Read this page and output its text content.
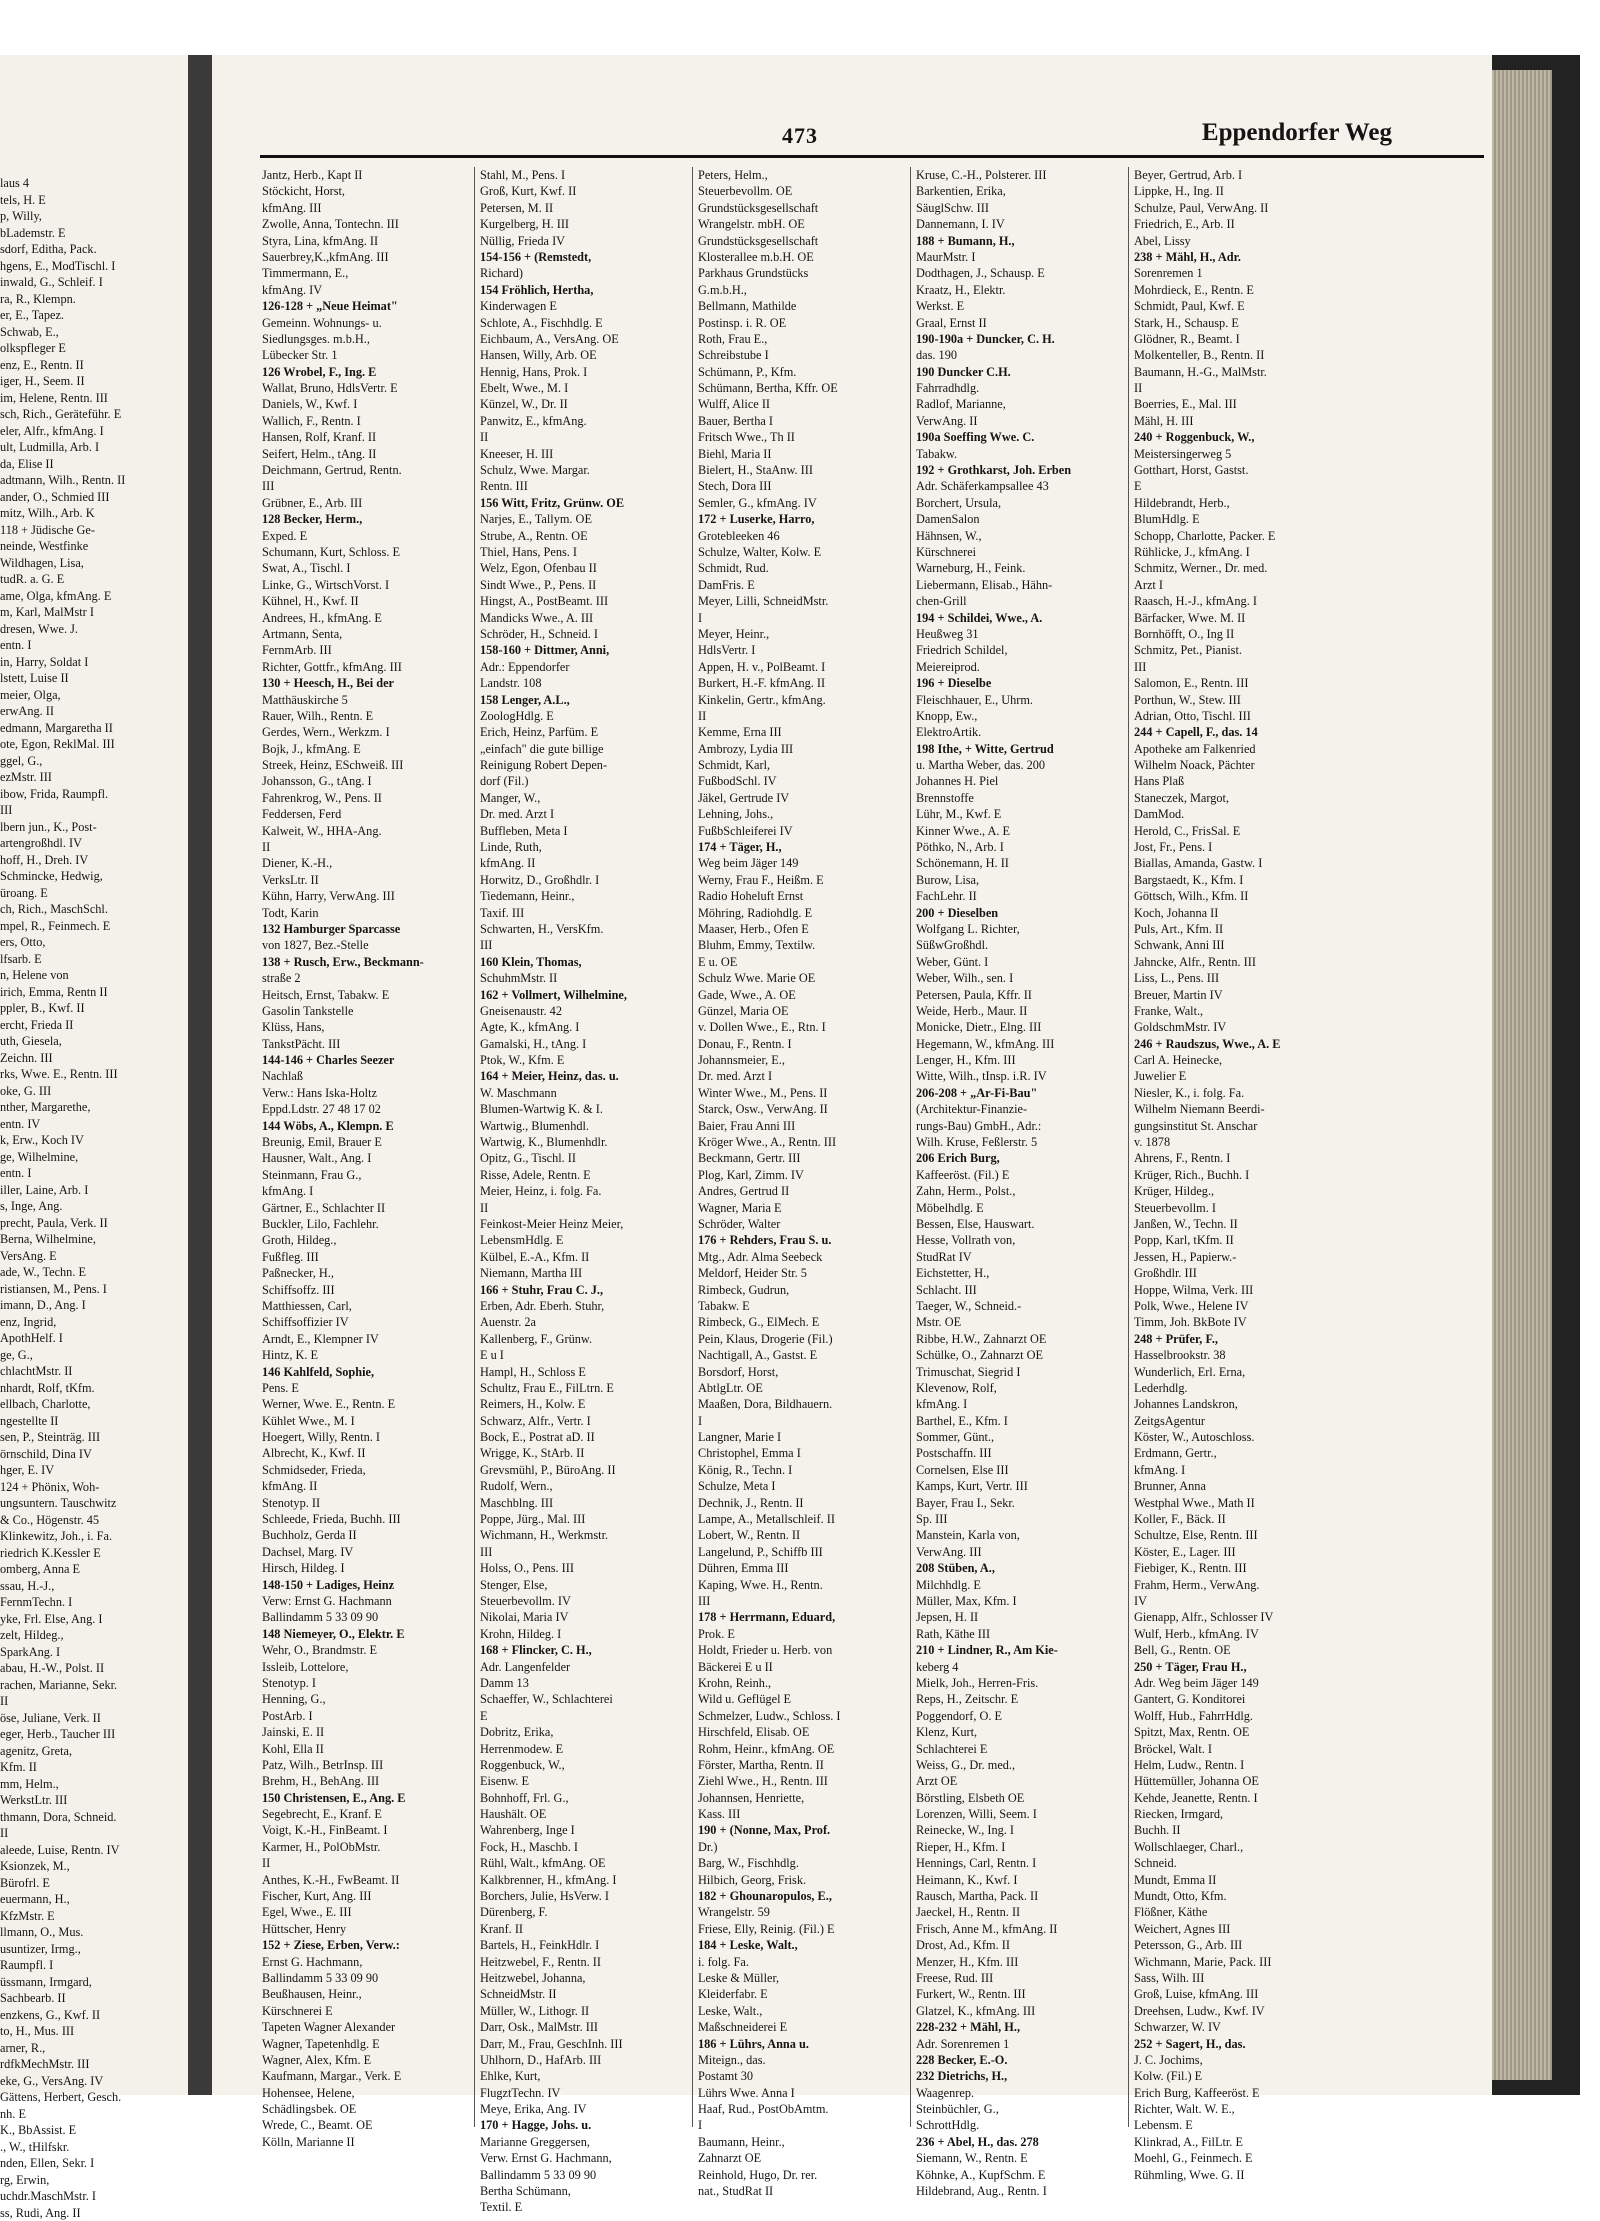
laus 4
tels, H. E
p, Willy,
bLademstr. E
sdorf, Editha, Pack.
hgens, E., ModTischl. I
inwald, G., Schleif. I
ra, R., Klempn.
er, E., Tapez.
Schwab, E.,
olkspfleger E
enz, E., Rentn. II
iger, H., Seem. II
im, Helene, Rentn. III
sch, Rich., Geräteführ. E
eler, Alfr., kfmAng. I
ult, Ludmilla, Arb. I
da, Elise II
adtmann, Wilh., Rentn. II
ander, O., Schmied III
mitz, Wilh., Arb. K
118 + Jüdische Ge-
neinde, Westfinke
Wildhagen, Lisa,
tudR. a. G. E
ame, Olga, kfmAng. E
m, Karl, MalMstr I
dresen, Wwe. J.
entn. I
in, Harry, Soldat I
lstett, Luise II
meier, Olga,
erwAng. II
edmann, Margaretha II
ote, Egon, ReklMal. III
ggel, G.,
ezMstr. III
ibow, Frida, Raumpfl.
III
lbern jun., K., Post-
artengroßhdl. IV
hoff, H., Dreh. IV
Schmincke, Hedwig,
üroang. E
ch, Rich., MaschSchl.
mpel, R., Feinmech. E
ers, Otto,
lfsarb. E
n, Helene von
irich, Emma, Rentn II
ppler, B., Kwf. II
ercht, Frieda II
uth, Giesela,
Zeichn. III
rks, Wwe. E., Rentn. III
oke, G. III
nther, Margarethe,
entn. IV
k, Erw., Koch IV
ge, Wilhelmine,
entn. I
iller, Laine, Arb. I
s, Inge, Ang.
precht, Paula, Verk. II
Berna, Wilhelmine,
VersAng. E
ade, W., Techn. E
ristiansen, M., Pens. I
imann, D., Ang. I
enz, Ingrid,
ApothHelf. I
ge, G.,
chlachtMstr. II
nhardt, Rolf, tKfm.
ellbach, Charlotte,
ngestellte II
sen, P., Steinträg. III
örnschild, Dina IV
hger, E. IV
124 + Phönix, Woh-
ungsuntern. Tauschwitz
& Co., Högenstr. 45
Klinkewitz, Joh., i. Fa.
riedrich K.Kessler E
omberg, Anna E
ssau, H.-J.,
FernmTechn. I
yke, Frl. Else, Ang. I
zelt, Hildeg.,
SparkAng. I
abau, H.-W., Polst. II
rachen, Marianne, Sekr.
II
öse, Juliane, Verk. II
eger, Herb., Taucher III
agenitz, Greta,
Kfm. II
mm, Helm.,
WerkstLtr. III
thmann, Dora, Schneid.
II
aleede, Luise, Rentn. IV
Ksionzek, M.,
Bürofrl. E
euermann, H.,
KfzMstr. E
llmann, O., Mus.
usuntizer, Irmg.,
Raumpfl. I
üssmann, Irmgard,
Sachbearb. II
enzkens, G., Kwf. II
to, H., Mus. III
arner, R.,
rdfkMechMstr. III
eke, G., VersAng. IV
Gättens, Herbert, Gesch.
nh. E
K., BbAssist. E
., W., tHilfskr.
nden, Ellen, Sekr. I
rg, Erwin,
uchdr.MaschMstr. I
ss, Rudi, Ang. II
473	Eppendorfer Weg
Jantz, Herb., Kapt II
Stöckicht, Horst,
kfmAng. III
Zwolle, Anna, Tontechn. III
Styra, Lina, kfmAng. II
Sauerbrey,K.,kfmAng. III
Timmermann, E.,
kfmAng. IV
126-128 + „Neue Heimat"
Gemeinn. Wohnungs- u.
Siedlungsges. m.b.H.,
Lübecker Str. 1
126 Wrobel, F., Ing. E
Wallat, Bruno, HdlsVertr. E
Daniels, W., Kwf. I
Wallich, F., Rentn. I
Hansen, Rolf, Kranf. II
Seifert, Helm., tAng. II
Deichmann, Gertrud, Rentn.
III
Grübner, E., Arb. III
128 Becker, Herm.,
Exped. E
Schumann, Kurt, Schloss. E
Swat, A., Tischl. I
Linke, G., WirtschVorst. I
Kühnel, H., Kwf. II
Andrees, H., kfmAng. E
Artmann, Senta,
FernmArb. III
Richter, Gottfr., kfmAng. III
130 + Heesch, H., Bei der
Matthäuskirche 5
Rauer, Wilh., Rentn. E
Gerdes, Wern., Werkzm. I
Bojk, J., kfmAng. E
Streek, Heinz, ESchweiß. III
Johansson, G., tAng. I
Fahrenkrog, W., Pens. II
Feddersen, Ferd
Kalweit, W., HHA-Ang.
II
Diener, K.-H.,
VerksLtr. II
Kühn, Harry, VerwAng. III
Todt, Karin
132 Hamburger Sparcasse
von 1827, Bez.-Stelle
138 + Rusch, Erw., Beckmann-
straße 2
Heitsch, Ernst, Tabakw. E
Gasolin Tankstelle
Klüss, Hans,
TankstPächt. III
144-146 + Charles Seezer
Nachlaß
Verw.: Hans Iska-Holtz
Eppd.Ldstr. 27 48 17 02
144 Wöbs, A., Klempn. E
Breunig, Emil, Brauer E
Hausner, Walt., Ang. I
Steinmann, Frau G.,
kfmAng. I
Gärtner, E., Schlachter II
Buckler, Lilo, Fachlehr.
Groth, Hildeg.,
Fußfleg. III
Paßnecker, H.,
Schiffsoffz. III
Matthiessen, Carl,
Schiffsoffizier IV
Arndt, E., Klempner IV
Hintz, K. E
146 Kahlfeld, Sophie,
Pens. E
Werner, Wwe. E., Rentn. E
Kühlet Wwe., M. I
Hoegert, Willy, Rentn. I
Albrecht, K., Kwf. II
Schmidseder, Frieda,
kfmAng. II
Stenotyp. II
Schleede, Frieda, Buchh. III
Buchholz, Gerda II
Dachsel, Marg. IV
Hirsch, Hildeg. I
148-150 + Ladiges, Heinz
Verw: Ernst G. Hachmann
Ballindamm 5 33 09 90
148 Niemeyer, O., Elektr. E
Wehr, O., Brandmstr. E
Issleib, Lottelore,
Stenotyp. I
Henning, G.,
PostArb. I
Jainski, E. II
Kohl, Ella II
Patz, Wilh., BetrInsp. III
Brehm, H., BehAng. III
150 Christensen, E., Ang. E
Segebrecht, E., Kranf. E
Voigt, K.-H., FinBeamt. I
Karmer, H., PolObMstr.
II
Anthes, K.-H., FwBeamt. II
Fischer, Kurt, Ang. III
Egel, Wwe., E. III
Hüttscher, Henry
152 + Ziese, Erben, Verw.:
Ernst G. Hachmann,
Ballindamm 5 33 09 90
Beußhausen, Heinr.,
Kürschnerei E
Tapeten Wagner Alexander
Wagner, Tapetenhdlg. E
Wagner, Alex, Kfm. E
Kaufmann, Margar., Verk. E
Hohensee, Helene,
Schädlingsbek. OE
Wrede, C., Beamt. OE
Kölln, Marianne II
Stahl, M., Pens. I
Groß, Kurt, Kwf. II
Petersen, M. II
Kurgelberg, H. III
Nüllig, Frieda IV
154-156 + (Remstedt,
Richard)
154 Fröhlich, Hertha,
Kinderwagen E
Schlote, A., Fischhdlg. E
Eichbaum, A., VersAng. OE
Hansen, Willy, Arb. OE
Hennig, Hans, Prok. I
Ebelt, Wwe., M. I
Künzel, W., Dr. II
Panwitz, E., kfmAng.
II
Kneeser, H. III
Schulz, Wwe. Margar.
Rentn. III
156 Witt, Fritz, Grünw. OE
Narjes, E., Tallym. OE
Strube, A., Rentn. OE
Thiel, Hans, Pens. I
Welz, Egon, Ofenbau II
Sindt Wwe., P., Pens. II
Hingst, A., PostBeamt. III
Mandicks Wwe., A. III
Schröder, H., Schneid. I
158-160 + Dittmer, Anni,
Adr.: Eppendorfer
Landstr. 108
158 Lenger, A.L.,
ZoologHdlg. E
Erich, Heinz, Parfüm. E
„einfach" die gute billige
Reinigung Robert Depen-
dorf (Fil.)
Manger, W.,
Dr. med. Arzt I
Buffleben, Meta I
Linde, Ruth,
kfmAng. II
Horwitz, D., Großhdlr. I
Tiedemann, Heinr.,
Taxif. III
Schwarten, H., VersKfm.
III
160 Klein, Thomas,
SchuhmMstr. II
162 + Vollmert, Wilhelmine,
Gneisenaustr. 42
Agte, K., kfmAng. I
Gamalski, H., tAng. I
Ptok, W., Kfm. E
164 + Meier, Heinz, das. u.
W. Maschmann
Blumen-Wartwig K. & I.
Wartwig., Blumenhdl.
Wartwig, K., Blumenhdlr.
Opitz, G., Tischl. II
Risse, Adele, Rentn. E
Meier, Heinz, i. folg. Fa.
II
Feinkost-Meier Heinz Meier,
LebensmHdlg. E
Külbel, E.-A., Kfm. II
Niemann, Martha III
166 + Stuhr, Frau C. J.,
Erben, Adr. Eberh. Stuhr,
Auenstr. 2a
Kallenberg, F., Grünw.
E u I
Hampl, H., Schloss E
Schultz, Frau E., FilLtrn. E
Reimers, H., Kolw. E
Schwarz, Alfr., Vertr. I
Bock, E., Postrat aD. II
Wrigge, K., StArb. II
Grevsmühl, P., BüroAng. II
Rudolf, Wern.,
Maschblng. III
Poppe, Jürg., Mal. III
Wichmann, H., Werkmstr.
III
Holss, O., Pens. III
Stenger, Else,
Steuerbevollm. IV
Nikolai, Maria IV
Krohn, Hildeg. I
168 + Flincker, C. H.,
Adr. Langenfelder
Damm 13
Schaeffer, W., Schlachterei
E
Dobritz, Erika,
Herrenmodew. E
Roggenbuck, W.,
Eisenw. E
Bohnhoff, Frl. G.,
Haushält. OE
Wahrenberg, Inge I
Fock, H., Maschb. I
Rühl, Walt., kfmAng. OE
Kalkbrenner, H., kfmAng. I
Borchers, Julie, HsVerw. I
Dürenberg, F.
Kranf. II
Bartels, H., FeinkHdlr. I
Heitzwebel, F., Rentn. II
Heitzwebel, Johanna,
SchneidMstr. II
Müller, W., Lithogr. II
Darr, Osk., MalMstr. III
Darr, M., Frau, GeschInh. III
Uhlhorn, D., HafArb. III
Ehlke, Kurt,
FlugztTechn. IV
Meye, Erika, Ang. IV
170 + Hagge, Johs. u.
Marianne Greggersen,
Verw. Ernst G. Hachmann,
Ballindamm 5 33 09 90
Bertha Schümann,
Textil. E
Peters, Helm.,
Steuerbevollm. OE
Grundstücksgesellschaft
Wrangelstr. mbH. OE
Grundstücksgesellschaft
Klosterallee m.b.H. OE
Parkhaus Grundstücks
G.m.b.H.,
Bellmann, Mathilde
Postinsp. i. R. OE
Roth, Frau E.,
Schreibstube I
Schümann, P., Kfm.
Schümann, Bertha, Kffr. OE
Wulff, Alice II
Bauer, Bertha I
Fritsch Wwe., Th II
Biehl, Maria II
Bielert, H., StaAnw. III
Stech, Dora III
Semler, G., kfmAng. IV
172 + Luserke, Harro,
Grotebleeken 46
Schulze, Walter, Kolw. E
Schmidt, Rud.
DamFris. E
Meyer, Lilli, SchneidMstr.
I
Meyer, Heinr.,
HdlsVertr. I
Appen, H. v., PolBeamt. I
Burkert, H.-F. kfmAng. II
Kinkelin, Gertr., kfmAng.
II
Kemme, Erna III
Ambrozy, Lydia III
Schmidt, Karl,
FußbodSchl. IV
Jäkel, Gertrude IV
Lehning, Johs.,
FußbSchleiferei IV
174 + Täger, H.,
Weg beim Jäger 149
Werny, Frau F., Heißm. E
Radio Hoheluft Ernst
Möhring, Radiohdlg. E
Maaser, Herb., Ofen E
Bluhm, Emmy, Textilw.
E u. OE
Schulz Wwe. Marie OE
Gade, Wwe., A. OE
Günzel, Maria OE
v. Dollen Wwe., E., Rtn. I
Donau, F., Rentn. I
Johannsmeier, E.,
Dr. med. Arzt I
Winter Wwe., M., Pens. II
Starck, Osw., VerwAng. II
Baier, Frau Anni III
Kröger Wwe., A., Rentn. III
Beckmann, Gertr. III
Plog, Karl, Zimm. IV
Andres, Gertrud II
Wagner, Maria E
Schröder, Walter
176 + Rehders, Frau S. u.
Mtg., Adr. Alma Seebeck
Meldorf, Heider Str. 5
Rimbeck, Gudrun,
Tabakw. E
Rimbeck, G., ElMech. E
Pein, Klaus, Drogerie (Fil.)
Nachtigall, A., Gastst. E
Borsdorf, Horst,
AbtlgLtr. OE
Maaßen, Dora, Bildhauern.
I
Langner, Marie I
Christophel, Emma I
König, R., Techn. I
Schulze, Meta I
Dechnik, J., Rentn. II
Lampe, A., Metallschleif. II
Lobert, W., Rentn. II
Langelund, P., Schiffb III
Dühren, Emma III
Kaping, Wwe. H., Rentn.
III
178 + Herrmann, Eduard,
Prok. E
Holdt, Frieder u. Herb. von
Bäckerei E u II
Krohn, Reinh.,
Wild u. Geflügel E
Schmelzer, Ludw., Schloss. I
Hirschfeld, Elisab. OE
Rohm, Heinr., kfmAng. OE
Förster, Martha, Rentn. II
Ziehl Wwe., H., Rentn. III
Johannsen, Henriette,
Kass. III
190 + (Nonne, Max, Prof.
Dr.)
Barg, W., Fischhdlg.
Hilbich, Georg, Frisk.
182 + Ghounaropulos, E.,
Wrangelstr. 59
Friese, Elly, Reinig. (Fil.) E
184 + Leske, Walt.,
i. folg. Fa.
Leske & Müller,
Kleiderfabr. E
Leske, Walt.,
Maßschneiderei E
186 + Lührs, Anna u.
Miteign., das.
Postamt 30
Lührs Wwe. Anna I
Haaf, Rud., PostObAmtm.
I
Baumann, Heinr.,
Zahnarzt OE
Reinhold, Hugo, Dr. rer.
nat., StudRat II
Kruse, C.-H., Polsterer. III
Barkentien, Erika,
SäuglSchw. III
Dannemann, I. IV
188 + Bumann, H.,
MaurMstr. I
Dodthagen, J., Schausp. E
Kraatz, H., Elektr.
Werkst. E
Graal, Ernst II
190-190a + Duncker, C. H.
das. 190
190 Duncker C.H.
Fahrradhdlg.
Radlof, Marianne,
VerwAng. II
190a Soeffing Wwe. C.
Tabakw.
192 + Grothkarst, Joh. Erben
Adr. Schäferkampsallee 43
Borchert, Ursula,
DamenSalon
Hähnsen, W.,
Kürschnerei
Warneburg, H., Feink.
Liebermann, Elisab., Hähn-
chen-Grill
194 + Schildei, Wwe., A.
Heußweg 31
Friedrich Schildel,
Meiereiprod.
196 + Dieselbe
Fleischhauer, E., Uhrm.
Knopp, Ew.,
ElektroArtik.
198 Ithe, + Witte, Gertrud
u. Martha Weber, das. 200
Johannes H. Piel
Brennstoffe
Lühr, M., Kwf. E
Kinner Wwe., A. E
Pöthko, N., Arb. I
Schönemann, H. II
Burow, Lisa,
FachLehr. II
200 + Dieselben
Wolfgang L. Richter,
SüßwGroßhdl.
Weber, Günt. I
Weber, Wilh., sen. I
Petersen, Paula, Kffr. II
Weide, Herb., Maur. II
Monicke, Dietr., Elng. III
Hegemann, W., kfmAng. III
Lenger, H., Kfm. III
Witte, Wilh., tInsp. i.R. IV
206-208 + „Ar-Fi-Bau"
(Architektur-Finanzie-
rungs-Bau) GmbH., Adr.:
Wilh. Kruse, Feßlerstr. 5
206 Erich Burg,
Kaffeeröst. (Fil.) E
Zahn, Herm., Polst.,
Möbelhdlg. E
Bessen, Else, Hauswart.
Hesse, Vollrath von,
StudRat IV
Eichstetter, H.,
Schlacht. III
Taeger, W., Schneid.-
Mstr. OE
Ribbe, H.W., Zahnarzt OE
Schülke, O., Zahnarzt OE
Trimuschat, Siegrid I
Klevenow, Rolf,
kfmAng. I
Barthel, E., Kfm. I
Sommer, Günt.,
Postschaffn. III
Cornelsen, Else III
Kamps, Kurt, Vertr. III
Bayer, Frau I., Sekr.
Sp. III
Manstein, Karla von,
VerwAng. III
208 Stüben, A.,
Milchhdlg. E
Müller, Max, Kfm. I
Jepsen, H. II
Rath, Käthe III
210 + Lindner, R., Am Kie-
keberg 4
Mielk, Joh., Herren-Fris.
Reps, H., Zeitschr. E
Poggendorf, O. E
Klenz, Kurt,
Schlachterei E
Weiss, G., Dr. med.,
Arzt OE
Börstling, Elsbeth OE
Lorenzen, Willi, Seem. I
Reinecke, W., Ing. I
Rieper, H., Kfm. I
Hennings, Carl, Rentn. I
Heimann, K., Kwf. I
Rausch, Martha, Pack. II
Jaeckel, H., Rentn. II
Frisch, Anne M., kfmAng. II
Drost, Ad., Kfm. II
Menzer, H., Kfm. III
Freese, Rud. III
Furkert, W., Rentn. III
Glatzel, K., kfmAng. III
228-232 + Mähl, H.,
Adr. Sorenremen 1
228 Becker, E.-O.
232 Dietrichs, H.,
Waagenrep.
Steinbüchler, G.,
SchrottHdlg.
236 + Abel, H., das. 278
Siemann, W., Rentn. E
Köhnke, A., KupfSchm. E
Hildebrand, Aug., Rentn. I
Beyer, Gertrud, Arb. I
Lippke, H., Ing. II
Schulze, Paul, VerwAng. II
Friedrich, E., Arb. II
Abel, Lissy
238 + Mähl, H., Adr.
Sorenremen 1
Mohrdieck, E., Rentn. E
Schmidt, Paul, Kwf. E
Stark, H., Schausp. E
Glödner, R., Beamt. I
Molkenteller, B., Rentn. II
Baumann, H.-G., MalMstr.
II
Boerries, E., Mal. III
Mähl, H. III
240 + Roggenbuck, W.,
Meistersingerweg 5
Gotthart, Horst, Gastst.
E
Hildebrandt, Herb.,
BlumHdlg. E
Schopp, Charlotte, Packer. E
Rühlicke, J., kfmAng. I
Schmitz, Werner., Dr. med.
Arzt I
Raasch, H.-J., kfmAng. I
Bärfacker, Wwe. M. II
Bornhöfft, O., Ing II
Schmitz, Pet., Pianist.
III
Salomon, E., Rentn. III
Porthun, W., Stew. III
Adrian, Otto, Tischl. III
244 + Capell, F., das. 14
Apotheke am Falkenried
Wilhelm Noack, Pächter
Hans Plaß
Staneczek, Margot,
DamMod.
Herold, C., FrisSal. E
Jost, Fr., Pens. I
Biallas, Amanda, Gastw. I
Bargstaedt, K., Kfm. I
Göttsch, Wilh., Kfm. II
Koch, Johanna II
Puls, Art., Kfm. II
Schwank, Anni III
Jahncke, Alfr., Rentn. III
Liss, L., Pens. III
Breuer, Martin IV
Franke, Walt.,
GoldschmMstr. IV
246 + Raudszus, Wwe., A. E
Carl A. Heinecke,
Juwelier E
Niesler, K., i. folg. Fa.
Wilhelm Niemann Beerdi-
gungsinstitut St. Anschar
v. 1878
Ahrens, F., Rentn. I
Krüger, Rich., Buchh. I
Krüger, Hildeg.,
Steuerbevollm. I
Janßen, W., Techn. II
Popp, Karl, tKfm. II
Jessen, H., Papierw.-
Großhdlr. III
Hoppe, Wilma, Verk. III
Polk, Wwe., Helene IV
Timm, Joh. BkBote IV
248 + Prüfer, F.,
Hasselbrookstr. 38
Wunderlich, Erl. Erna,
Lederhdlg.
Johannes Landskron,
ZeitgsAgentur
Köster, W., Autoschloss.
Erdmann, Gertr.,
kfmAng. I
Brunner, Anna
Westphal Wwe., Math II
Koller, F., Bäck. II
Schultze, Else, Rentn. III
Köster, E., Lager. III
Fiebiger, K., Rentn. III
Frahm, Herm., VerwAng.
IV
Gienapp, Alfr., Schlosser IV
Wulf, Herb., kfmAng. IV
Bell, G., Rentn. OE
250 + Täger, Frau H.,
Adr. Weg beim Jäger 149
Gantert, G. Konditorei
Wolff, Hub., FahrrHdlg.
Spitzt, Max, Rentn. OE
Bröckel, Walt. I
Helm, Ludw., Rentn. I
Hüttemüller, Johanna OE
Kehde, Jeanette, Rentn. I
Riecken, Irmgard,
Buchh. II
Wollschlaeger, Charl.,
Schneid.
Mundt, Emma II
Mundt, Otto, Kfm.
Flößner, Käthe
Weichert, Agnes III
Petersson, G., Arb. III
Wichmann, Marie, Pack. III
Sass, Wilh. III
Groß, Luise, kfmAng. III
Dreehsen, Ludw., Kwf. IV
Schwarzer, W. IV
252 + Sagert, H., das.
J. C. Jochims,
Kolw. (Fil.) E
Erich Burg, Kaffeeröst. E
Richter, Walt. W. E.,
Lebensm. E
Klinkrad, A., FilLtr. E
Moehl, G., Feinmech. E
Rühmling, Wwe. G. II
